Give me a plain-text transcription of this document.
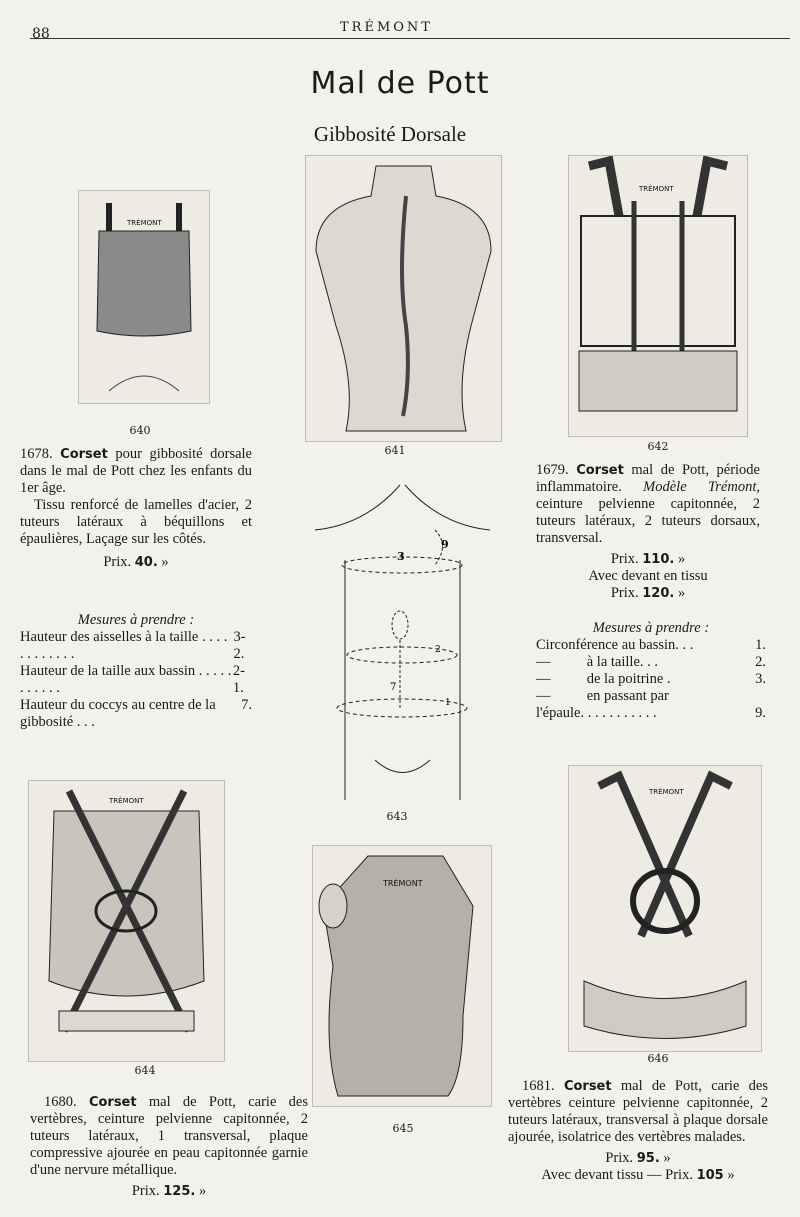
88	TRÉMONT
Mal de Pott
Gibbosité Dorsale
TRÉMONT
640
641
TRÉMONT
642

1678. Corset pour gibbosité dorsale dans le mal de Pott chez les enfants du 1er âge.

Tissu renforcé de lamelles d'acier, 2 tuteurs latéraux à béquillons et épaulières, Laçage sur les côtés.

Prix. 40. »
Mesures à prendre :
Hauteur des aisselles à la taille . . . . . . . . . . . .
3-2.
Hauteur de la taille aux bassin . . . . . . . . . . .
2-1.
Hauteur du coccys au centre de la gibbosité . . .
7.
3
9
7
2
1
643

1679. Corset mal de Pott, période inflammatoire. Modèle Trémont, ceinture pelvienne capitonnée, 2 tuteurs latéraux, 2 tuteurs dorsaux, transversal.

Prix. 110. »
Avec devant en tissu
Prix. 120. »
Mesures à prendre :
Circonférence au bassin. . .	1.
—          à la taille. . .	2.
—          de la poitrine .	3.
—          en passant par
l'épaule. . . . . . . . . . .	9.
TRÉMONT
644
TRÉMONT
645
TRÉMONT
646

1680. Corset mal de Pott, carie des vertèbres, ceinture pelvienne capitonnée, 2 tuteurs latéraux, 1 transversal, plaque compressive ajourée en peau capitonnée garnie d'une nervure métallique.

Prix. 125. »

1681. Corset mal de Pott, carie des vertèbres ceinture pelvienne capitonnée, 2 tuteurs latéraux, transversal à plaque dorsale ajourée, isolatrice des vertèbres malades.

Prix. 95. »
Avec devant tissu — Prix. 105 »
